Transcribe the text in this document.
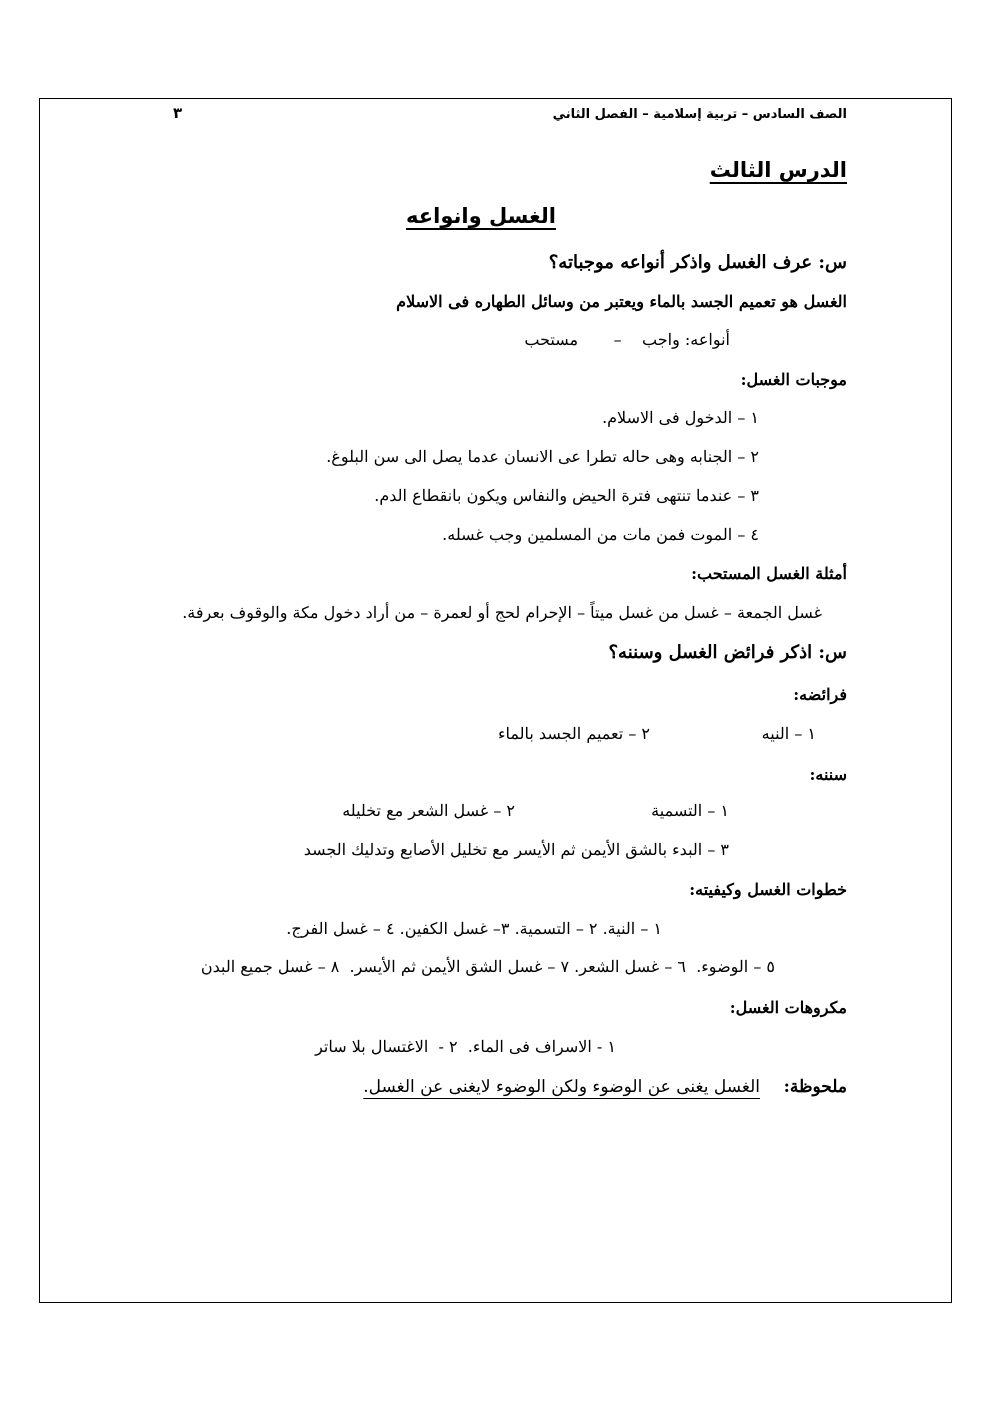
الصف السادس – تربية إسلامية – الفصل الثاني
٣
الدرس الثالث
الغسل وانواعه
س: عرف الغسل واذكر أنواعه موجباته؟
الغسل هو تعميم الجسد بالماء ويعتبر من وسائل الطهاره فى الاسلام
أنواعه: واجب    –       مستحب
موجبات الغسل:
١ – الدخول فى الاسلام.
٢ – الجنابه وهى حاله تطرا عى الانسان عدما يصل الى سن البلوغ.
٣ – عندما تنتهى فترة الحيض والنفاس ويكون بانقطاع الدم.
٤ – الموت فمن مات من المسلمين وجب غسله.
أمثلة الغسل المستحب:
غسل الجمعة – غسل من غسل ميتاً – الإحرام لحج أو لعمرة – من أراد دخول مكة والوقوف بعرفة.
س: اذكر فرائض الغسل وسننه؟
فرائضه:
١ – النيه
٢ – تعميم الجسد بالماء
سننه:
١ – التسمية
٢ – غسل الشعر مع تخليله
٣ – البدء بالشق الأيمن ثم الأيسر مع تخليل الأصابع وتدليك الجسد
خطوات الغسل وكيفيته:
١ – النية. ٢ – التسمية. ٣– غسل الكفين. ٤ – غسل الفرج.
٥ – الوضوء.  ٦ – غسل الشعر. ٧ – غسل الشق الأيمن ثم الأيسر.  ٨ – غسل جميع البدن
مكروهات الغسل:
١ - الاسراف فى الماء.  ٢ -  الاغتسال بلا ساتر
ملحوظة:
الغسل يغنى عن الوضوء ولكن الوضوء لايغنى عن الغسل.
